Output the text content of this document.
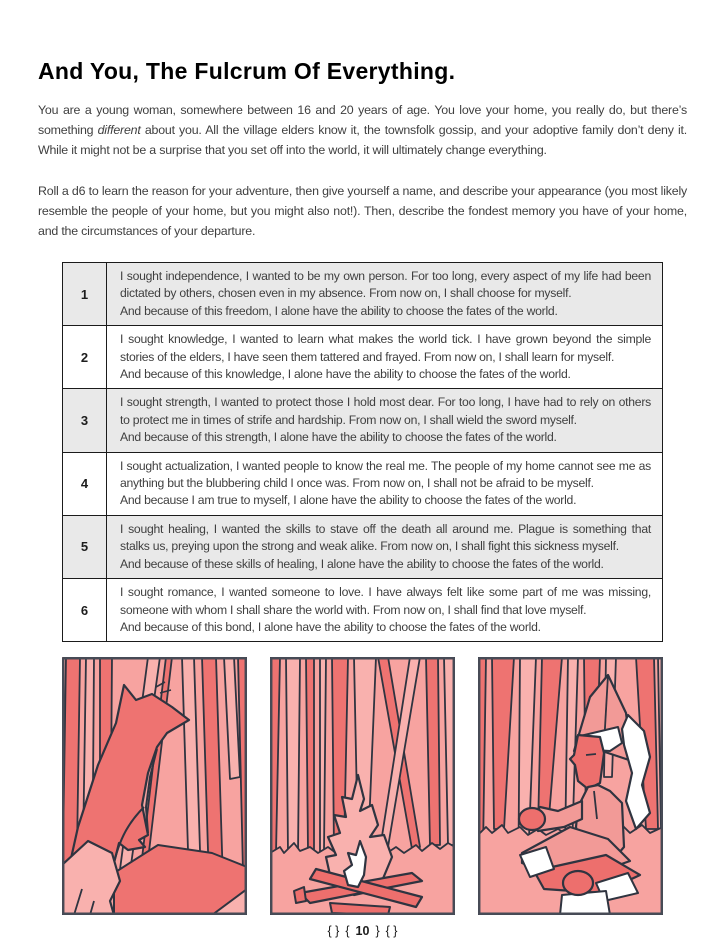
And You, The Fulcrum Of Everything.

You are a young woman, somewhere between 16 and 20 years of age. You love your home, you really do, but there’s something different about you. All the village elders know it, the townsfolk gossip, and your adoptive family don’t deny it. While it might not be a surprise that you set off into the world, it will ultimately change everything.

Roll a d6 to learn the reason for your adventure, then give yourself a name, and describe your appearance (you most likely resemble the people of your home, but you might also not!). Then, describe the fondest memory you have of your home, and the circumstances of your departure.

1	I sought independence, I wanted to be my own person. For too long, every aspect of my life had been dictated by others, chosen even in my absence. From now on, I shall choose for myself.
And because of this freedom, I alone have the ability to choose the fates of the world.

2	I sought knowledge, I wanted to learn what makes the world tick. I have grown beyond the simple stories of the elders, I have seen them tattered and frayed. From now on, I shall learn for myself.
And because of this knowledge, I alone have the ability to choose the fates of the world.

3	I sought strength, I wanted to protect those I hold most dear. For too long, I have had to rely on others to protect me in times of strife and hardship. From now on, I shall wield the sword myself.
And because of this strength, I alone have the ability to choose the fates of the world.

4	I sought actualization, I wanted people to know the real me. The people of my home cannot see me as anything but the blubbering child I once was. From now on, I shall not be afraid to be myself.
And because I am true to myself, I alone have the ability to choose the fates of the world.

5	I sought healing, I wanted the skills to stave off the death all around me. Plague is something that stalks us, preying upon the strong and weak alike. From now on, I shall fight this sickness myself.
And because of these skills of healing, I alone have the ability to choose the fates of the world.

6	I sought romance, I wanted someone to love. I have always felt like some part of me was missing, someone with whom I shall share the world with. From now on, I shall find that love myself.
And because of this bond, I alone have the ability to choose the fates of the world.
{ } { 10 } { }
